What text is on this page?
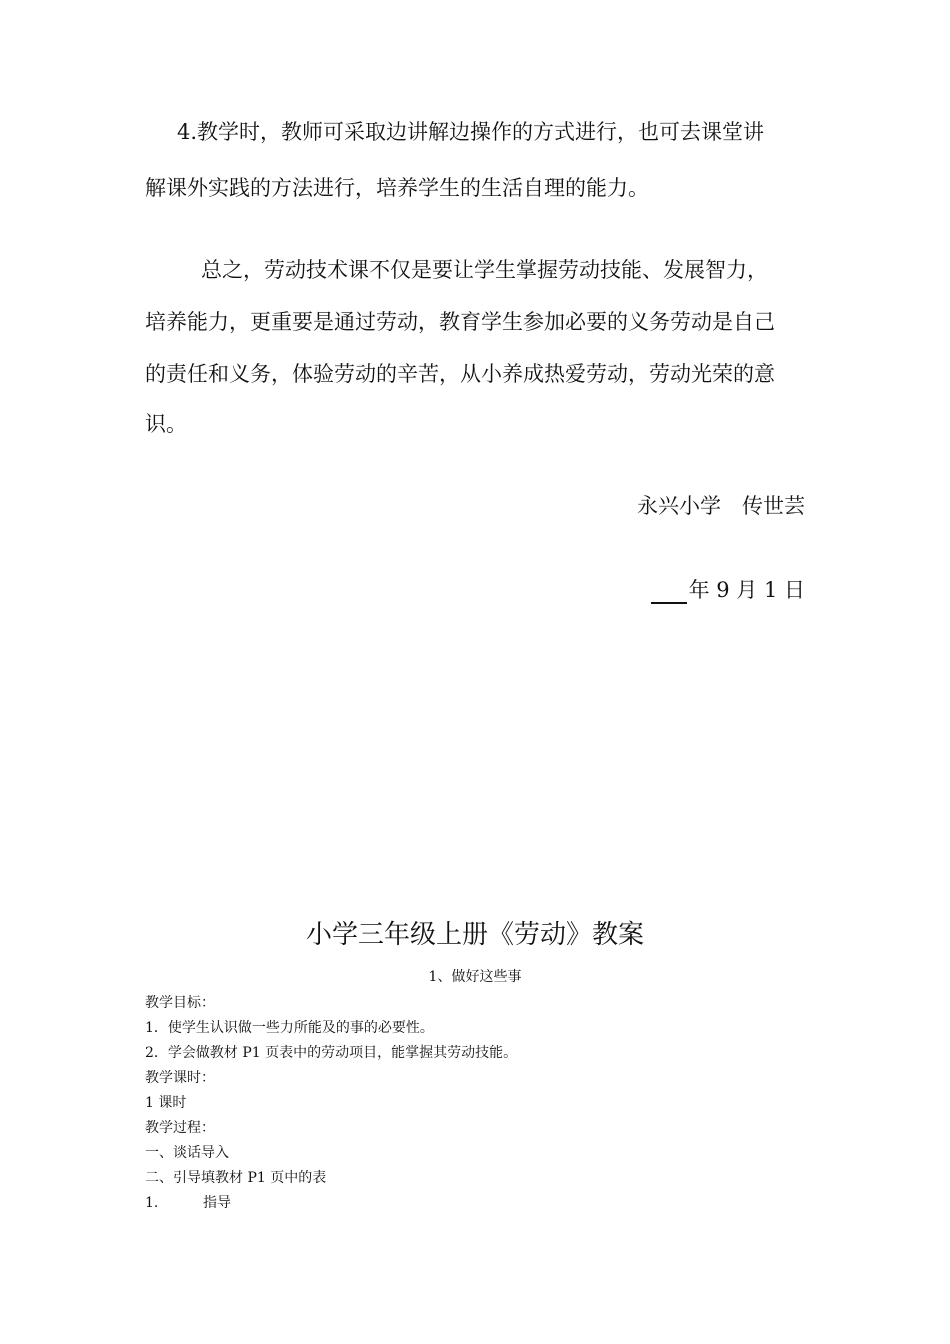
4.教学时，教师可采取边讲解边操作的方式进行，也可去课堂讲
解课外实践的方法进行，培养学生的生活自理的能力。
总之，劳动技术课不仅是要让学生掌握劳动技能、发展智力，
培养能力，更重要是通过劳动，教育学生参加必要的义务劳动是自己
的责任和义务，体验劳动的辛苦，从小养成热爱劳动，劳动光荣的意
识。
永兴小学　传世芸
年 9 月 1 日
小学三年级上册《劳动》教案
1、做好这些事
教学目标：
1．使学生认识做一些力所能及的事的必要性。
2．学会做教材 P1 页表中的劳动项目，能掌握其劳动技能。
教学课时：
1 课时
教学过程：
一、谈话导入
二、引导填教材 P1 页中的表
1.	指导
